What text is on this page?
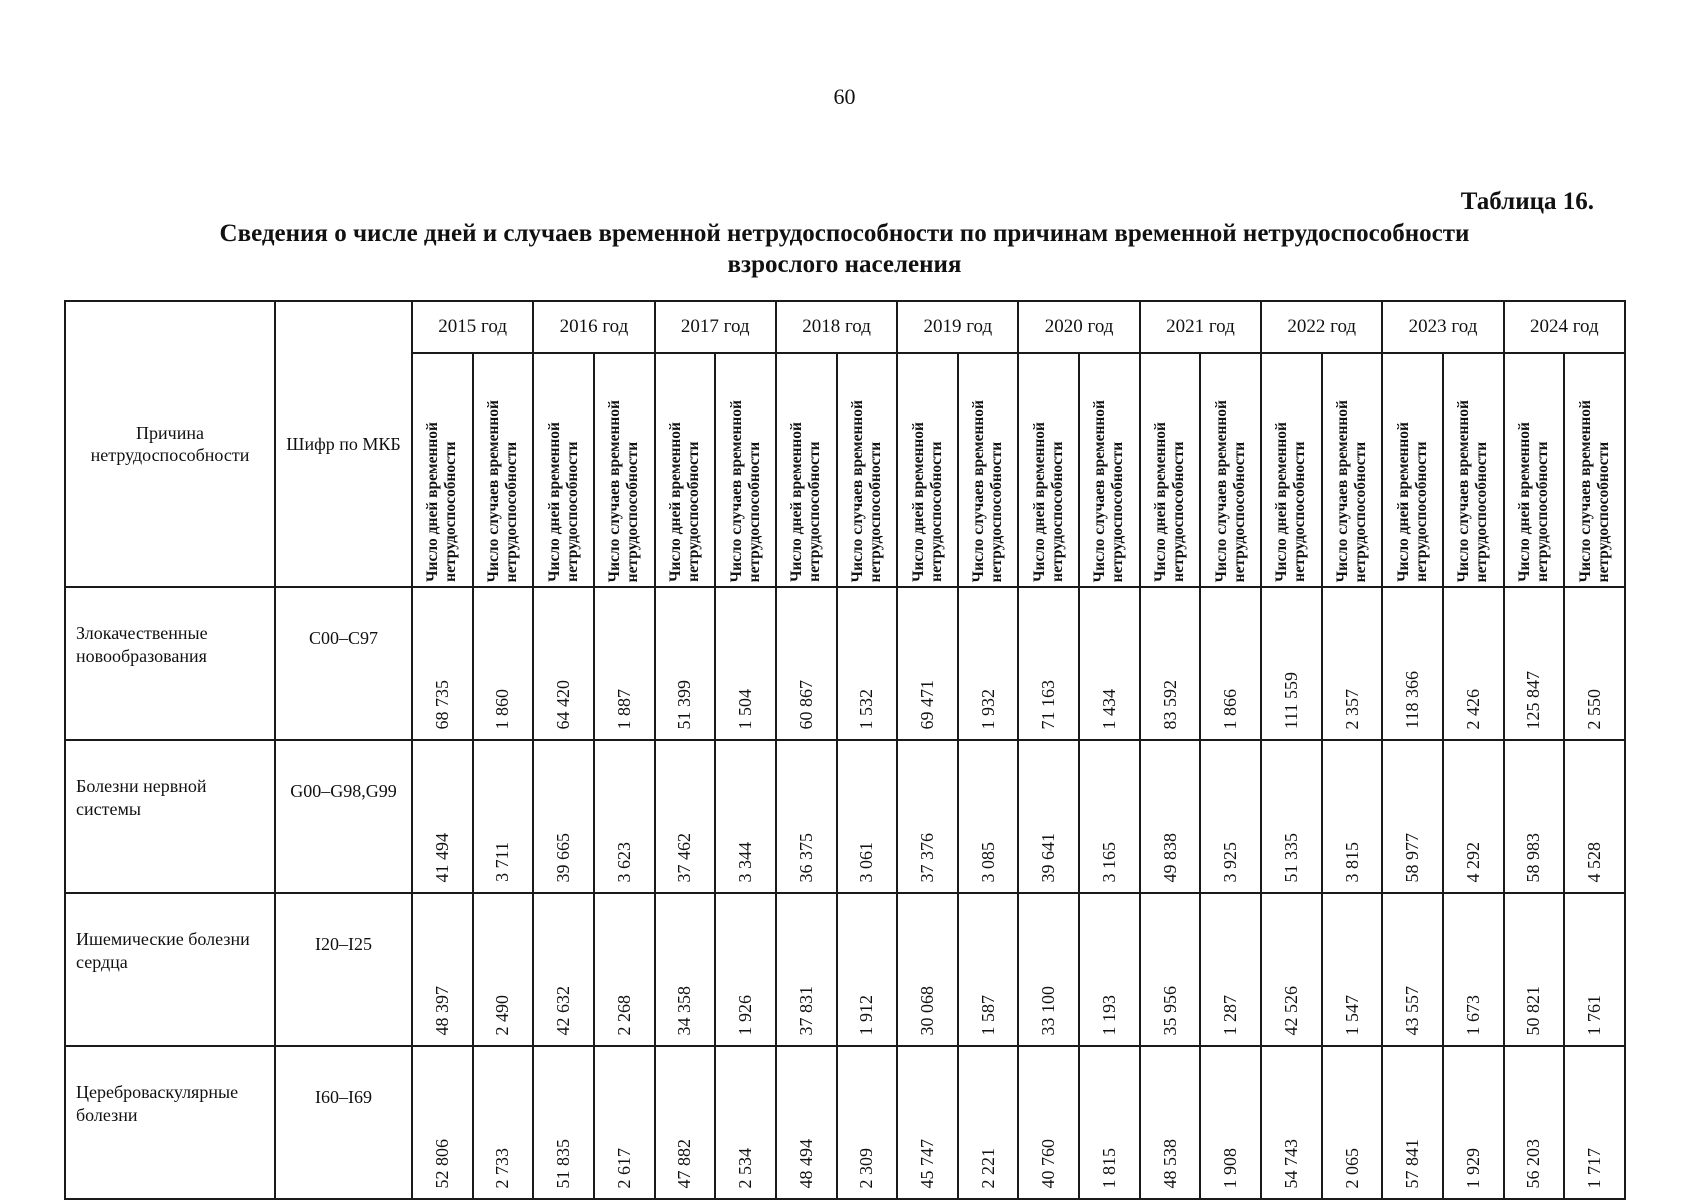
60
Таблица 16.
Сведения о числе дней и случаев временной нетрудоспособности по причинам временной нетрудоспособности
взрослого населения
Причина нетрудоспособности	Шифр по МКБ	2015 год		2016 год		2017 год		2018 год		2019 год		2020 год		2021 год		2022 год		2023 год		2024 год	

		Число дней временной
нетрудоспособности	Число случаев временной
нетрудоспособности	Число дней временной
нетрудоспособности	Число случаев временной
нетрудоспособности	Число дней временной
нетрудоспособности	Число случаев временной
нетрудоспособности	Число дней временной
нетрудоспособности	Число случаев временной
нетрудоспособности	Число дней временной
нетрудоспособности	Число случаев временной
нетрудоспособности	Число дней временной
нетрудоспособности	Число случаев временной
нетрудоспособности	Число дней временной
нетрудоспособности	Число случаев временной
нетрудоспособности	Число дней временной
нетрудоспособности	Число случаев временной
нетрудоспособности	Число дней временной
нетрудоспособности	Число случаев временной
нетрудоспособности	Число дней временной
нетрудоспособности	Число случаев временной
нетрудоспособности

Злокачественные новообразования	C00–C97	68 735	1 860	64 420	1 887	51 399	1 504	60 867	1 532	69 471	1 932	71 163	1 434	83 592	1 866	111 559	2 357	118 366	2 426	125 847	2 550

Болезни нервной системы	G00–G98,G99	41 494	3 711	39 665	3 623	37 462	3 344	36 375	3 061	37 376	3 085	39 641	3 165	49 838	3 925	51 335	3 815	58 977	4 292	58 983	4 528

Ишемические болезни сердца	I20–I25	48 397	2 490	42 632	2 268	34 358	1 926	37 831	1 912	30 068	1 587	33 100	1 193	35 956	1 287	42 526	1 547	43 557	1 673	50 821	1 761

Цереброваскулярные болезни	I60–I69	52 806	2 733	51 835	2 617	47 882	2 534	48 494	2 309	45 747	2 221	40 760	1 815	48 538	1 908	54 743	2 065	57 841	1 929	56 203	1 717
